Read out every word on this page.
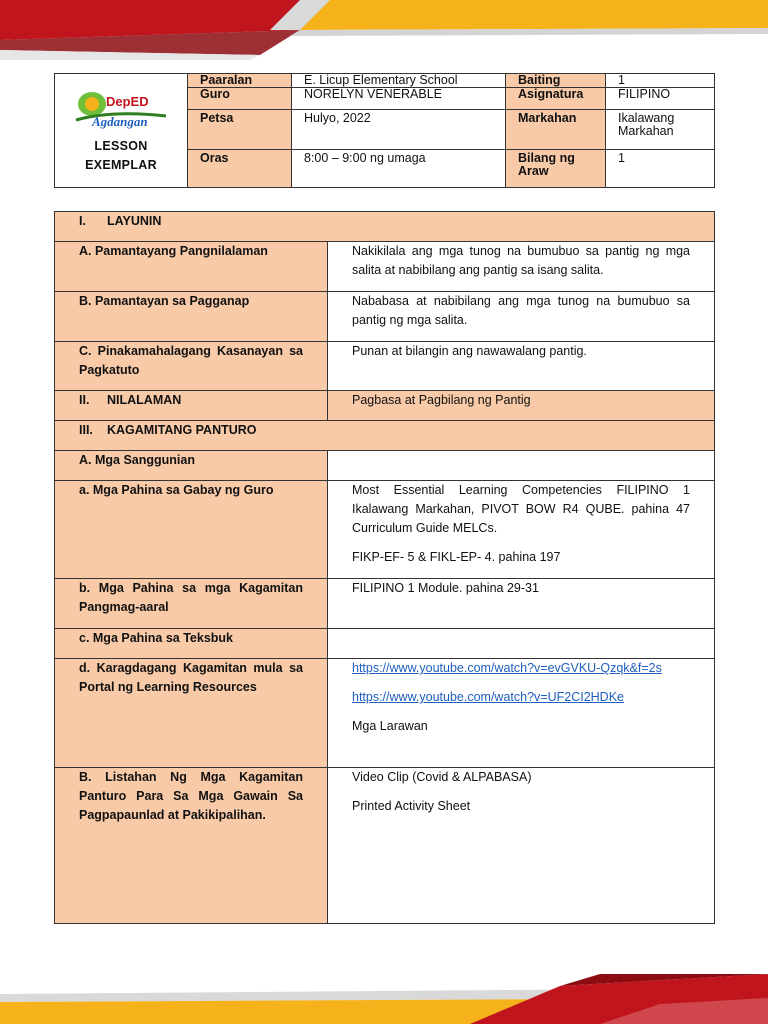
DepED
Agdangan
LESSON
EXEMPLAR	Paaralan	E. Licup Elementary School	Baiting	1
	Guro	NORELYN VENERABLE	Asignatura	FILIPINO
	Petsa	Hulyo, 2022	Markahan	Ikalawang Markahan
	Oras	8:00 – 9:00 ng umaga	Bilang ng Araw	1
I. LAYUNIN	
A. Pamantayang Pangnilalaman	Nakikilala ang mga tunog na bumubuo sa pantig ng mga salita at nabibilang ang pantig sa isang salita.
B. Pamantayan sa Pagganap	Nababasa at nabibilang ang mga tunog na bumubuo sa pantig ng mga salita.
C. Pinakamahalagang Kasanayan sa Pagkatuto	Punan at bilangin ang nawawalang pantig.
II. NILALAMAN	Pagbasa at Pagbilang ng Pantig
III. KAGAMITANG PANTURO	
A. Mga Sanggunian	
a. Mga Pahina sa Gabay ng Guro	Most Essential Learning Competencies FILIPINO 1 Ikalawang Markahan, PIVOT BOW R4 QUBE. pahina 47 Curriculum Guide MELCs.

FIKP-EF- 5 & FIKL-EP- 4. pahina 197

b. Mga Pahina sa mga Kagamitan Pangmag-aaral	FILIPINO 1 Module. pahina 29-31
c. Mga Pahina sa Teksbuk	
d. Karagdagang Kagamitan mula sa Portal ng Learning Resources	https://www.youtube.com/watch?v=evGVKU-Qzqk&f=2s

https://www.youtube.com/watch?v=UF2CI2HDKe

Mga Larawan

B. Listahan Ng Mga Kagamitan Panturo Para Sa Mga Gawain Sa Pagpapaunlad at Pakikipalihan.	Video Clip (Covid & ALPABASA)

Printed Activity Sheet
